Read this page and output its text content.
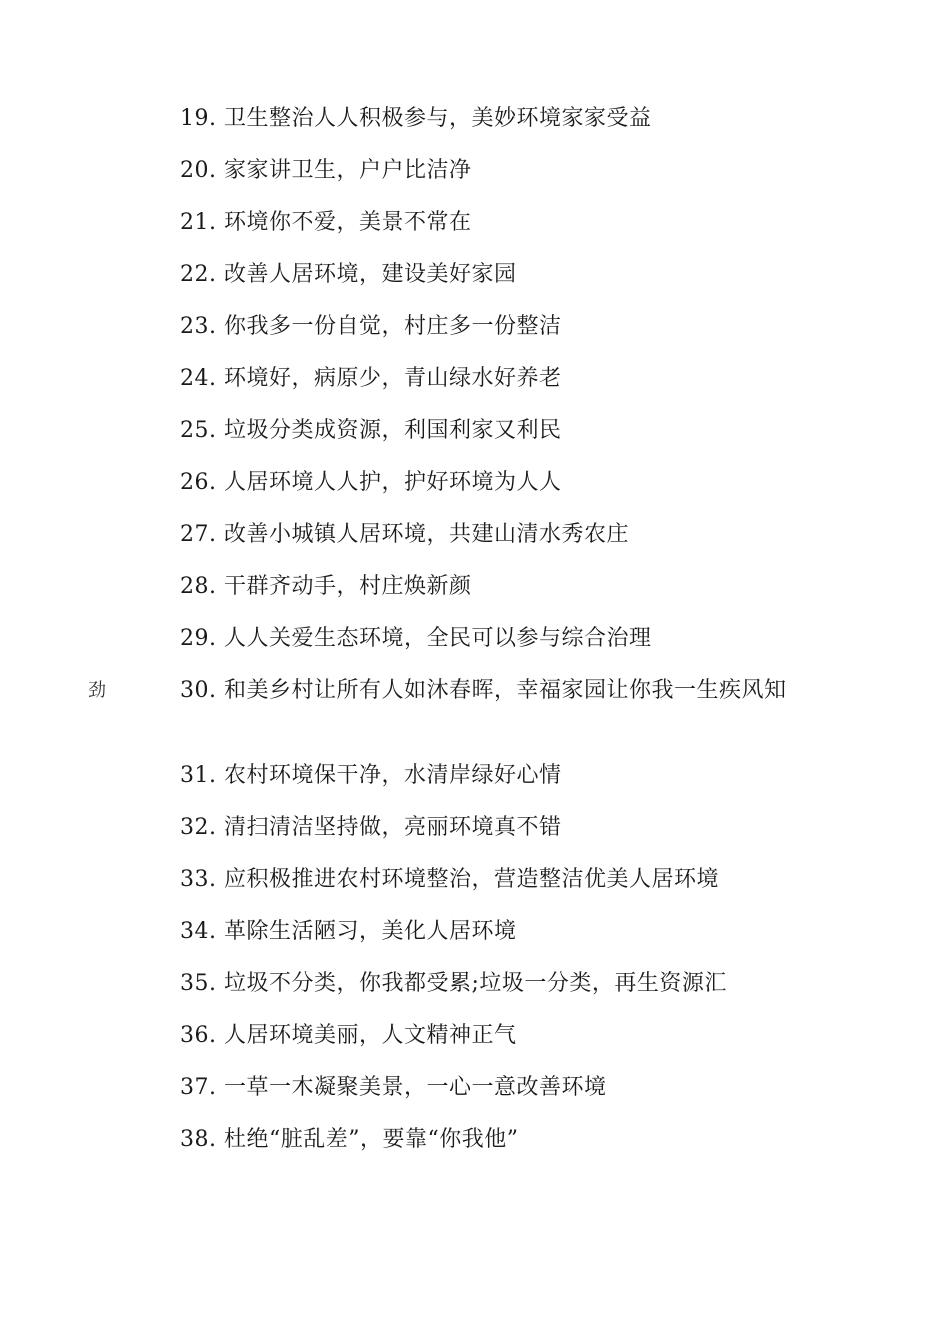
劲
19. 卫生整治人人积极参与，美妙环境家家受益
20. 家家讲卫生，户户比洁净
21. 环境你不爱，美景不常在
22. 改善人居环境，建设美好家园
23. 你我多一份自觉，村庄多一份整洁
24. 环境好，病原少，青山绿水好养老
25. 垃圾分类成资源，利国利家又利民
26. 人居环境人人护，护好环境为人人
27. 改善小城镇人居环境，共建山清水秀农庄
28. 干群齐动手，村庄焕新颜
29. 人人关爱生态环境，全民可以参与综合治理
30. 和美乡村让所有人如沐春晖，幸福家园让你我一生疾风知
31. 农村环境保干净，水清岸绿好心情
32. 清扫清洁坚持做，亮丽环境真不错
33. 应积极推进农村环境整治，营造整洁优美人居环境
34. 革除生活陋习，美化人居环境
35. 垃圾不分类，你我都受累;垃圾一分类，再生资源汇
36. 人居环境美丽，人文精神正气
37. 一草一木凝聚美景，一心一意改善环境
38. 杜绝“脏乱差”，要靠“你我他”
